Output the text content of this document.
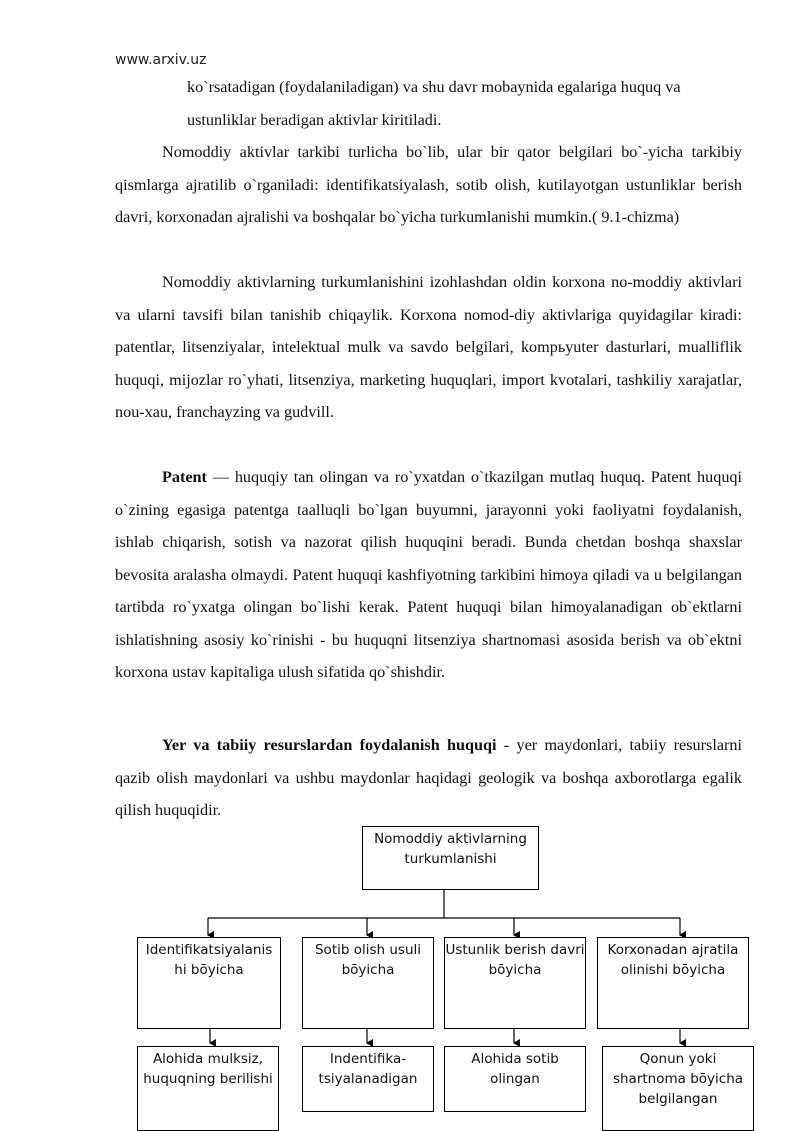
www.arxiv.uz

ko`rsatadigan (foydalaniladigan) va shu davr mobaynida egalariga huquq va ustunliklar beradigan aktivlar kiritiladi.

Nomoddiy aktivlar tarkibi turlicha bo`lib, ular bir qator belgilari bo`-yicha tarkibiy qismlarga ajratilib o`rganiladi: identifikatsiyalash, sotib olish, kutilayotgan ustunliklar berish davri, korxonadan ajralishi va boshqalar bo`yicha turkumlanishi mumkin.( 9.1-chizma)

Nomoddiy aktivlarning turkumlanishini izohlashdan oldin korxona no-moddiy aktivlari va ularni tavsifi bilan tanishib chiqaylik. Korxona nomod-diy aktivlariga quyidagilar kiradi: patentlar, litsenziyalar, intelektual mulk va savdo belgilari, kompьyuter dasturlari, mualliflik huquqi, mijozlar ro`yhati, litsenziya, marketing huquqlari, import kvotalari, tashkiliy xarajatlar, nou-xau, franchayzing va gudvill.

Patent — huquqiy tan olingan va ro`yxatdan o`tkazilgan mutlaq huquq. Patent huquqi o`zining egasiga patentga taalluqli bo`lgan buyumni, jarayonni yoki faoliyatni foydalanish, ishlab chiqarish, sotish va nazorat qilish huquqini beradi. Bunda chetdan boshqa shaxslar bevosita aralasha olmaydi. Patent huquqi kashfiyotning tarkibini himoya qiladi va u belgilangan tartibda ro`yxatga olingan bo`lishi kerak. Patent huquqi bilan himoyalanadigan ob`ektlarni ishlatishning asosiy ko`rinishi - bu huquqni litsenziya shartnomasi asosida berish va ob`ektni korxona ustav kapitaliga ulush sifatida qo`shishdir.

Yer va tabiiy resurslardan foydalanish huquqi - yer maydonlari, tabiiy resurslarni qazib olish maydonlari va ushbu maydonlar haqidagi geologik va boshqa axborotlarga egalik qilish huquqidir.

Nomoddiy aktivlarning turkumlanishi
Identifikatsiyalanis hi bōyicha
Sotib olish usuli bōyicha
Ustunlik berish davri bōyicha
Korxonadan ajratila olinishi bōyicha
Alohida mulksiz, huquqning berilishi
Indentifika-tsiyalanadigan
Alohida sotib olingan
Qonun yoki shartnoma bōyicha belgilangan
